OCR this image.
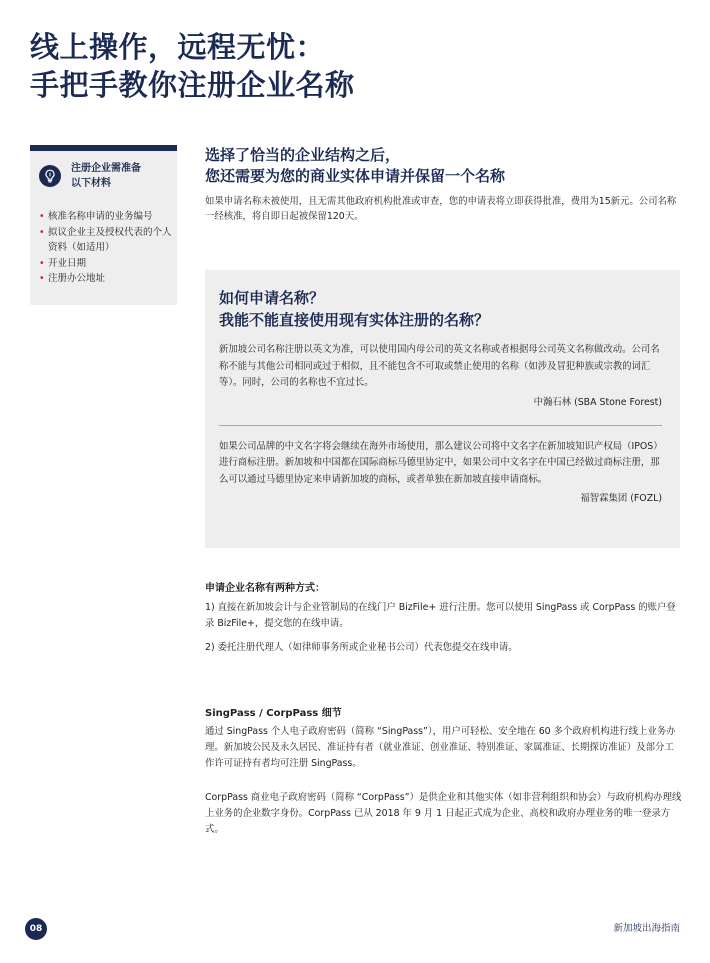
线上操作，远程无忧：
手把手教你注册企业名称
注册企业需准备
以下材料
• 核准名称申请的业务编号
• 拟议企业主及授权代表的个人资料（如适用）
• 开业日期
• 注册办公地址
选择了恰当的企业结构之后，
您还需要为您的商业实体申请并保留一个名称

如果申请名称未被使用，且无需其他政府机构批准或审查，您的申请表将立即获得批准，费用为15新元。公司名称一经核准，将自即日起被保留120天。

如何申请名称？
我能不能直接使用现有实体注册的名称？

新加坡公司名称注册以英文为准，可以使用国内母公司的英文名称或者根据母公司英文名称做改动。公司名称不能与其他公司相同或过于相似，且不能包含不可取或禁止使用的名称（如涉及冒犯种族或宗教的词汇等）。同时，公司的名称也不宜过长。

中瀚石林 (SBA Stone Forest)

如果公司品牌的中文名字将会继续在海外市场使用，那么建议公司将中文名字在新加坡知识产权局（IPOS）进行商标注册。新加坡和中国都在国际商标马德里协定中，如果公司中文名字在中国已经做过商标注册，那么可以通过马德里协定来申请新加坡的商标，或者单独在新加坡直接申请商标。

福智霖集团 (FOZL)

申请企业名称有两种方式：

1) 直接在新加坡会计与企业管制局的在线门户 BizFile+ 进行注册。您可以使用 SingPass 或 CorpPass 的账户登录 BizFile+，提交您的在线申请。

2) 委托注册代理人（如律师事务所或企业秘书公司）代表您提交在线申请。

SingPass / CorpPass 细节

通过 SingPass 个人电子政府密码（简称 “SingPass”），用户可轻松、安全地在 60 多个政府机构进行线上业务办理。新加坡公民及永久居民、准证持有者（就业准证、创业准证、特别准证、家属准证、长期探访准证）及部分工作许可证持有者均可注册 SingPass。

CorpPass 商业电子政府密码（简称 “CorpPass”）是供企业和其他实体（如非营利组织和协会）与政府机构办理线上业务的企业数字身份。CorpPass 已从 2018 年 9 月 1 日起正式成为企业、高校和政府办理业务的唯一登录方式。

08	新加坡出海指南
